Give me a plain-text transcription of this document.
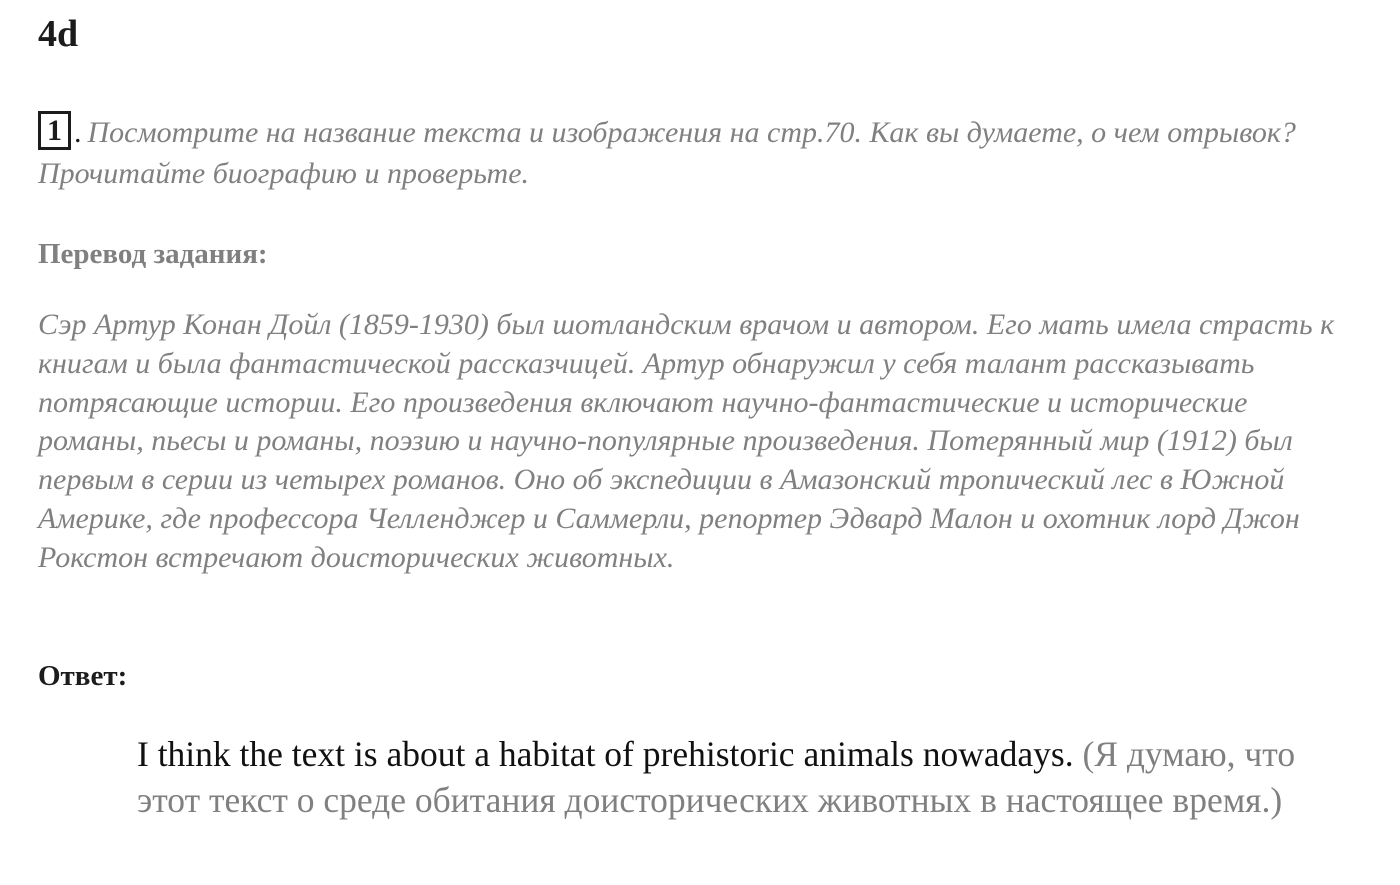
4d

1 . Посмотрите на название текста и изображения на стр.70. Как вы думаете, о чем отрывок? Прочитайте биографию и проверьте.

Перевод задания:

Сэр Артур Конан Дойл (1859-1930) был шотландским врачом и автором. Его мать имела страсть к книгам и была фантастической рассказчицей. Артур обнаружил у себя талант рассказывать потрясающие истории. Его произведения включают научно-фантастические и исторические романы, пьесы и романы, поэзию и научно-популярные произведения. Потерянный мир (1912) был первым в серии из четырех романов. Оно об экспедиции в Амазонский тропический лес в Южной Америке, где профессора Челленджер и Саммерли, репортер Эдвард Малон и охотник лорд Джон Рокстон встречают доисторических животных.

Ответ:

I think the text is about a habitat of prehistoric animals nowadays. (Я думаю, что этот текст о среде обитания доисторических животных в настоящее время.)
